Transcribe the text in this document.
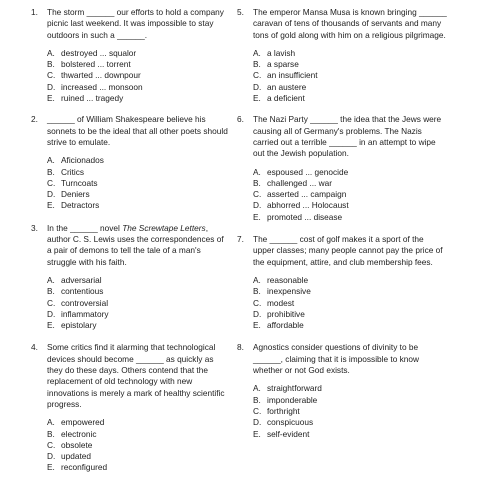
1. The storm ______ our efforts to hold a company picnic last weekend. It was impossible to stay outdoors in such a ______.
A. destroyed ... squalor
B. bolstered ... torrent
C. thwarted ... downpour
D. increased ... monsoon
E. ruined ... tragedy
2. ______ of William Shakespeare believe his sonnets to be the ideal that all other poets should strive to emulate.
A. Aficionados
B. Critics
C. Turncoats
D. Deniers
E. Detractors
3. In the ______ novel The Screwtape Letters, author C. S. Lewis uses the correspondences of a pair of demons to tell the tale of a man's struggle with his faith.
A. adversarial
B. contentious
C. controversial
D. inflammatory
E. epistolary
4. Some critics find it alarming that technological devices should become ______ as quickly as they do these days. Others contend that the replacement of old technology with new innovations is merely a mark of healthy scientific progress.
A. empowered
B. electronic
C. obsolete
D. updated
E. reconfigured
5. The emperor Mansa Musa is known bringing ______ caravan of tens of thousands of servants and many tons of gold along with him on a religious pilgrimage.
A. a lavish
B. a sparse
C. an insufficient
D. an austere
E. a deficient
6. The Nazi Party ______ the idea that the Jews were causing all of Germany's problems. The Nazis carried out a terrible ______ in an attempt to wipe out the Jewish population.
A. espoused ... genocide
B. challenged ... war
C. asserted ... campaign
D. abhorred ... Holocaust
E. promoted ... disease
7. The ______ cost of golf makes it a sport of the upper classes; many people cannot pay the price of the equipment, attire, and club membership fees.
A. reasonable
B. inexpensive
C. modest
D. prohibitive
E. affordable
8. Agnostics consider questions of divinity to be ______, claiming that it is impossible to know whether or not God exists.
A. straightforward
B. imponderable
C. forthright
D. conspicuous
E. self-evident
